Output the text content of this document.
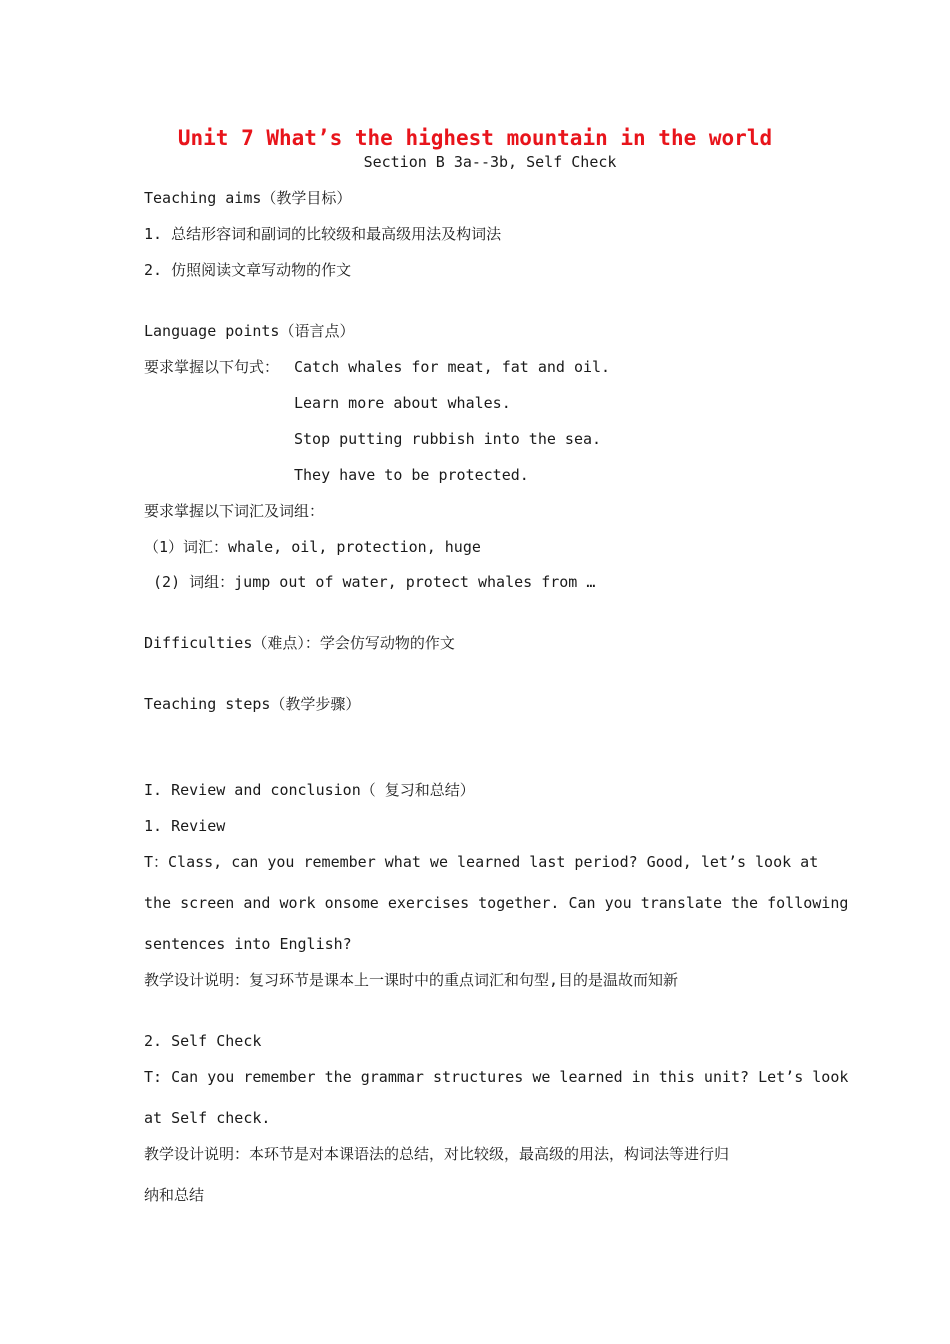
Unit 7 What’s the highest mountain in the world
Section B 3a--3b, Self Check
Teaching aims（教学目标）
1. 总结形容词和副词的比较级和最高级用法及构词法
2. 仿照阅读文章写动物的作文
Language points（语言点）
要求掌握以下句式： Catch whales for meat, fat and oil.
Learn more about whales.
Stop putting rubbish into the sea.
They have to be protected.
要求掌握以下词汇及词组：
（1）词汇：whale, oil, protection, huge
(2) 词组：jump out of water, protect whales from …
Difficulties（难点）：学会仿写动物的作文
Teaching steps（教学步骤）
I. Review and conclusion（ 复习和总结）
1. Review
T：Class, can you remember what we learned last period? Good, let’s look at
the screen and work onsome exercises together. Can you translate the following
sentences into English?
教学设计说明：复习环节是课本上一课时中的重点词汇和句型,目的是温故而知新
2. Self Check
T: Can you remember the grammar structures we learned in this unit? Let’s look
at Self check.
教学设计说明：本环节是对本课语法的总结，对比较级，最高级的用法，构词法等进行归
纳和总结
